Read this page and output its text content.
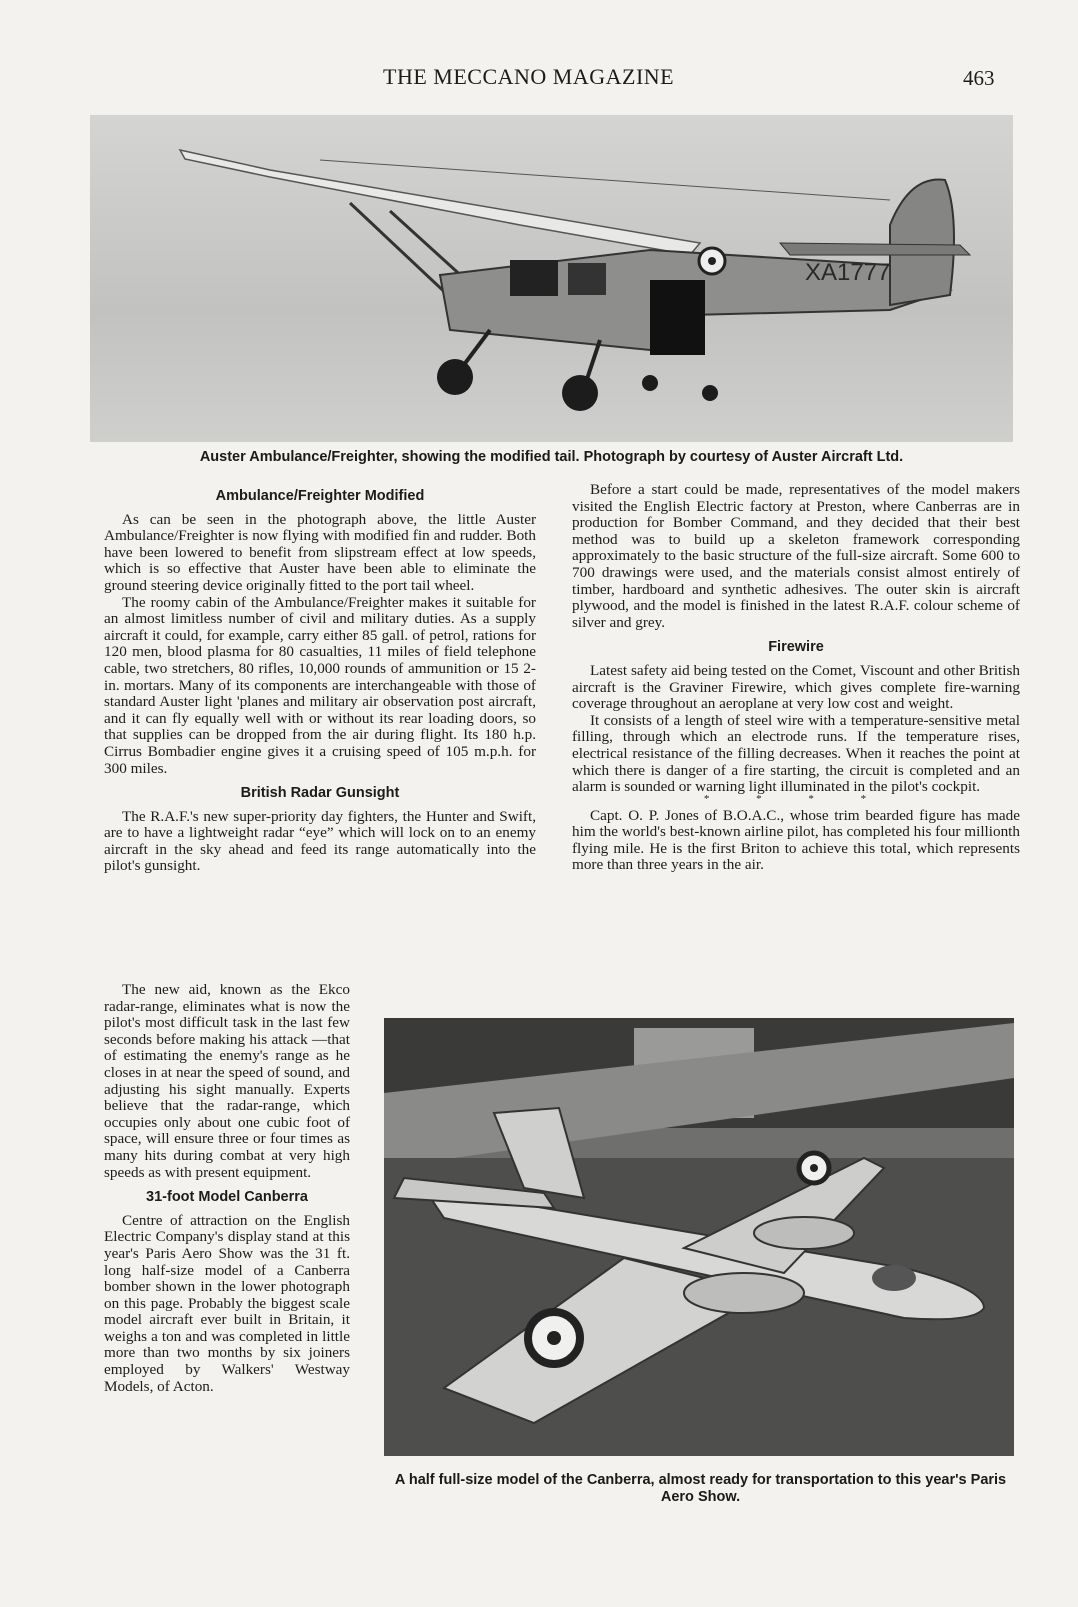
THE MECCANO MAGAZINE	463
XA1777
Auster Ambulance/Freighter, showing the modified tail. Photograph by courtesy of Auster Aircraft Ltd.
Ambulance/Freighter Modified

As can be seen in the photograph above, the little Auster Ambulance/Freighter is now flying with modified fin and rudder. Both have been lowered to benefit from slipstream effect at low speeds, which is so effective that Auster have been able to eliminate the ground steering device originally fitted to the port tail wheel.

The roomy cabin of the Ambulance/Freighter makes it suitable for an almost limitless number of civil and military duties. As a supply aircraft it could, for example, carry either 85 gall. of petrol, rations for 120 men, blood plasma for 80 casualties, 11 miles of field telephone cable, two stretchers, 80 rifles, 10,000 rounds of ammunition or 15 2-in. mortars. Many of its components are interchangeable with those of standard Auster light 'planes and military air observation post aircraft, and it can fly equally well with or without its rear loading doors, so that supplies can be dropped from the air during flight. Its 180 h.p. Cirrus Bombadier engine gives it a cruising speed of 105 m.p.h. for 300 miles.

British Radar Gunsight

The R.A.F.'s new super-priority day fighters, the Hunter and Swift, are to have a lightweight radar “eye” which will lock on to an enemy aircraft in the sky ahead and feed its range automatically into the pilot's gunsight.

The new aid, known as the Ekco radar-range, eliminates what is now the pilot's most difficult task in the last few seconds before making his attack —that of estimating the enemy's range as he closes in at near the speed of sound, and adjusting his sight manually. Experts believe that the radar-range, which occupies only about one cubic foot of space, will ensure three or four times as many hits during combat at very high speeds as with present equipment.

31-foot Model Canberra

Centre of attraction on the English Electric Company's display stand at this year's Paris Aero Show was the 31 ft. long half-size model of a Canberra bomber shown in the lower photograph on this page. Probably the biggest scale model aircraft ever built in Britain, it weighs a ton and was completed in little more than two months by six joiners employed by Walkers' Westway Models, of Acton.

Before a start could be made, representatives of the model makers visited the English Electric factory at Preston, where Canberras are in production for Bomber Command, and they decided that their best method was to build up a skeleton framework corresponding approximately to the basic structure of the full-size aircraft. Some 600 to 700 drawings were used, and the materials consist almost entirely of timber, hardboard and synthetic adhesives. The outer skin is aircraft plywood, and the model is finished in the latest R.A.F. colour scheme of silver and grey.

Firewire

Latest safety aid being tested on the Comet, Viscount and other British aircraft is the Graviner Firewire, which gives complete fire-warning coverage throughout an aeroplane at very low cost and weight.

It consists of a length of steel wire with a temperature-sensitive metal filling, through which an electrode runs. If the temperature rises, electrical resistance of the filling decreases. When it reaches the point at which there is danger of a fire starting, the circuit is completed and an alarm is sounded or warning light illuminated in the pilot's cockpit.

* * * *

Capt. O. P. Jones of B.O.A.C., whose trim bearded figure has made him the world's best-known airline pilot, has completed his four millionth flying mile. He is the first Briton to achieve this total, which represents more than three years in the air.

A half full-size model of the Canberra, almost ready for transportation to this year's Paris Aero Show.
